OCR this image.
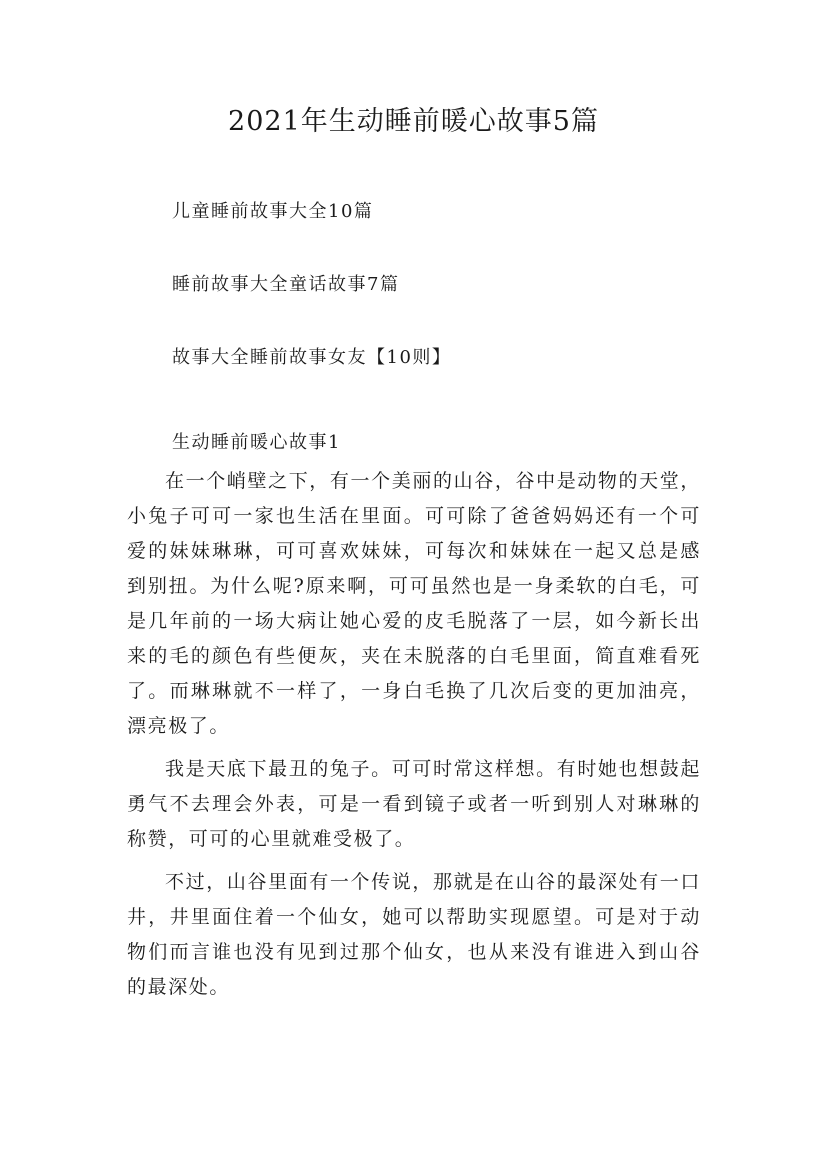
2021年生动睡前暖心故事5篇
儿童睡前故事大全10篇
睡前故事大全童话故事7篇
故事大全睡前故事女友【10则】
生动睡前暖心故事1

在一个峭壁之下，有一个美丽的山谷，谷中是动物的天堂，小兔子可可一家也生活在里面。可可除了爸爸妈妈还有一个可爱的妹妹琳琳，可可喜欢妹妹，可每次和妹妹在一起又总是感到别扭。为什么呢?原来啊，可可虽然也是一身柔软的白毛，可是几年前的一场大病让她心爱的皮毛脱落了一层，如今新长出来的毛的颜色有些便灰，夹在未脱落的白毛里面，简直难看死了。而琳琳就不一样了，一身白毛换了几次后变的更加油亮，漂亮极了。

我是天底下最丑的兔子。可可时常这样想。有时她也想鼓起勇气不去理会外表，可是一看到镜子或者一听到别人对琳琳的称赞，可可的心里就难受极了。

不过，山谷里面有一个传说，那就是在山谷的最深处有一口井，井里面住着一个仙女，她可以帮助实现愿望。可是对于动物们而言谁也没有见到过那个仙女，也从来没有谁进入到山谷的最深处。
